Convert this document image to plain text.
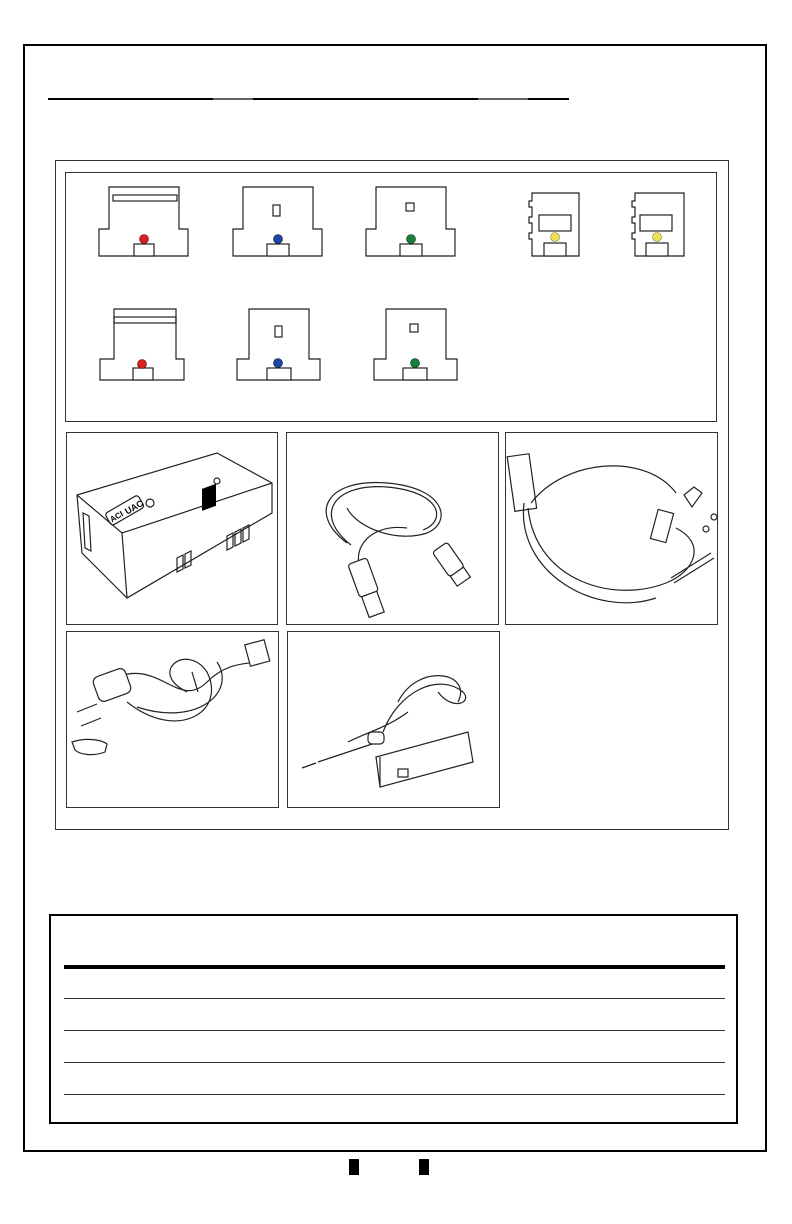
ACI
UAC
